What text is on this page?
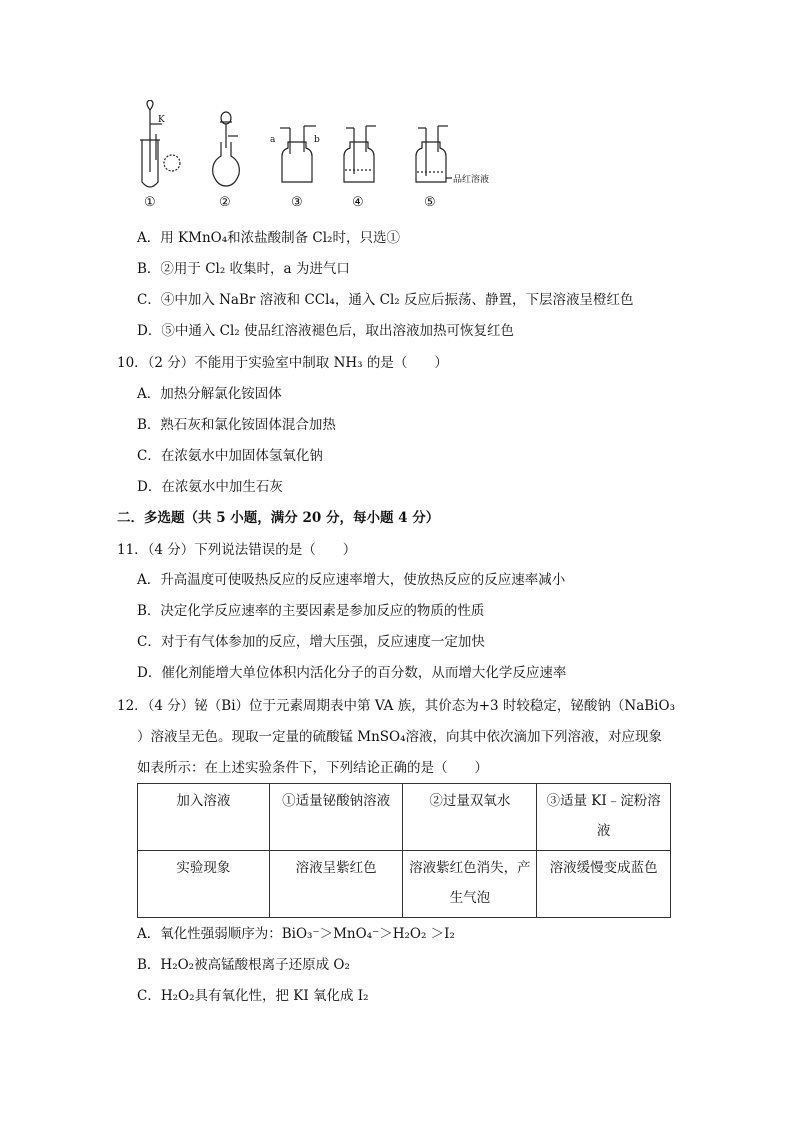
K
a	b
品红溶液
①	②	③	④	⑤
A．用 KMnO₄和浓盐酸制备 Cl₂时，只选①
B．②用于 Cl₂ 收集时，a 为进气口
C．④中加入 NaBr 溶液和 CCl₄，通入 Cl₂ 反应后振荡、静置，下层溶液呈橙红色
D．⑤中通入 Cl₂ 使品红溶液褪色后，取出溶液加热可恢复红色
10．（2 分）不能用于实验室中制取 NH₃ 的是（　　）
A．加热分解氯化铵固体
B．熟石灰和氯化铵固体混合加热
C．在浓氨水中加固体氢氧化钠
D．在浓氨水中加生石灰
二．多选题（共 5 小题，满分 20 分，每小题 4 分）
11．（4 分）下列说法错误的是（　　）
A．升高温度可使吸热反应的反应速率增大，使放热反应的反应速率减小
B．决定化学反应速率的主要因素是参加反应的物质的性质
C．对于有气体参加的反应，增大压强，反应速度一定加快
D．催化剂能增大单位体积内活化分子的百分数，从而增大化学反应速率
12．（4 分）铋（Bi）位于元素周期表中第 VA 族，其价态为+3 时较稳定，铋酸钠（NaBiO₃
）溶液呈无色。现取一定量的硫酸锰 MnSO₄溶液，向其中依次滴加下列溶液，对应现象
如表所示：在上述实验条件下，下列结论正确的是（　　）
加入溶液	①适量铋酸钠溶液	②过量双氧水	③适量 KI﹣淀粉溶液
实验现象	溶液呈紫红色	溶液紫红色消失，产生气泡	溶液缓慢变成蓝色
A．氧化性强弱顺序为：BiO₃⁻＞MnO₄⁻＞H₂O₂ ＞I₂
B．H₂O₂被高锰酸根离子还原成 O₂
C．H₂O₂具有氧化性，把 KI 氧化成 I₂
